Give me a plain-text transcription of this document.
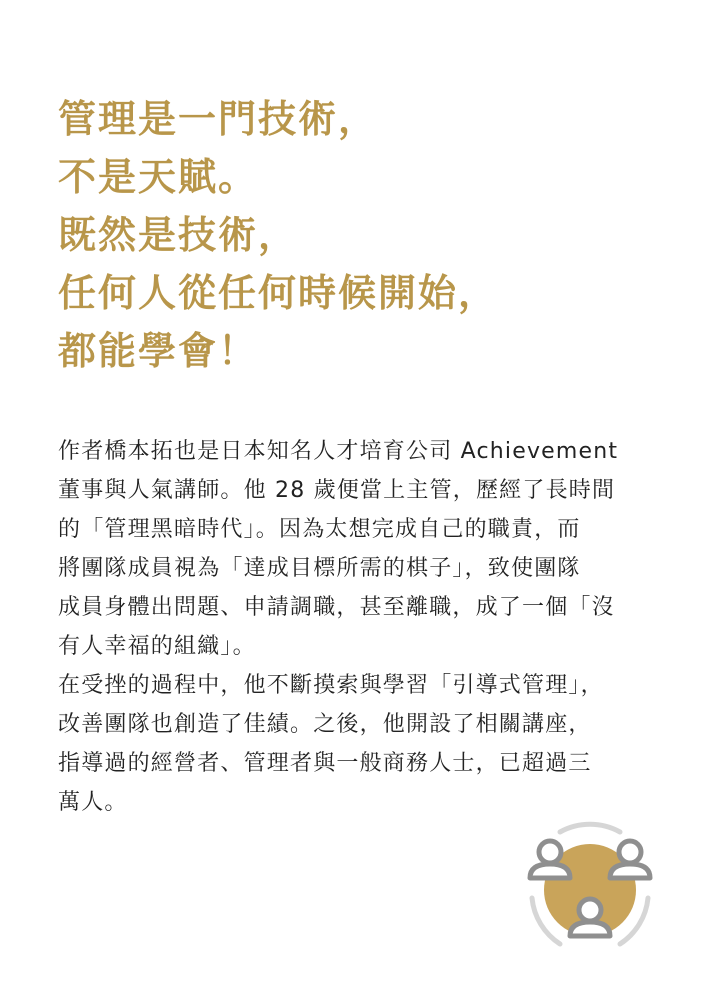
管理是一門技術，
不是天賦。
既然是技術，
任何人從任何時候開始，
都能學會！
作者橋本拓也是日本知名人才培育公司 Achievement
董事與人氣講師。他 28 歲便當上主管，歷經了長時間
的「管理黑暗時代」。因為太想完成自己的職責，而
將團隊成員視為「達成目標所需的棋子」，致使團隊
成員身體出問題、申請調職，甚至離職，成了一個「沒
有人幸福的組織」。
在受挫的過程中，他不斷摸索與學習「引導式管理」，
改善團隊也創造了佳績。之後，他開設了相關講座，
指導過的經營者、管理者與一般商務人士，已超過三
萬人。
